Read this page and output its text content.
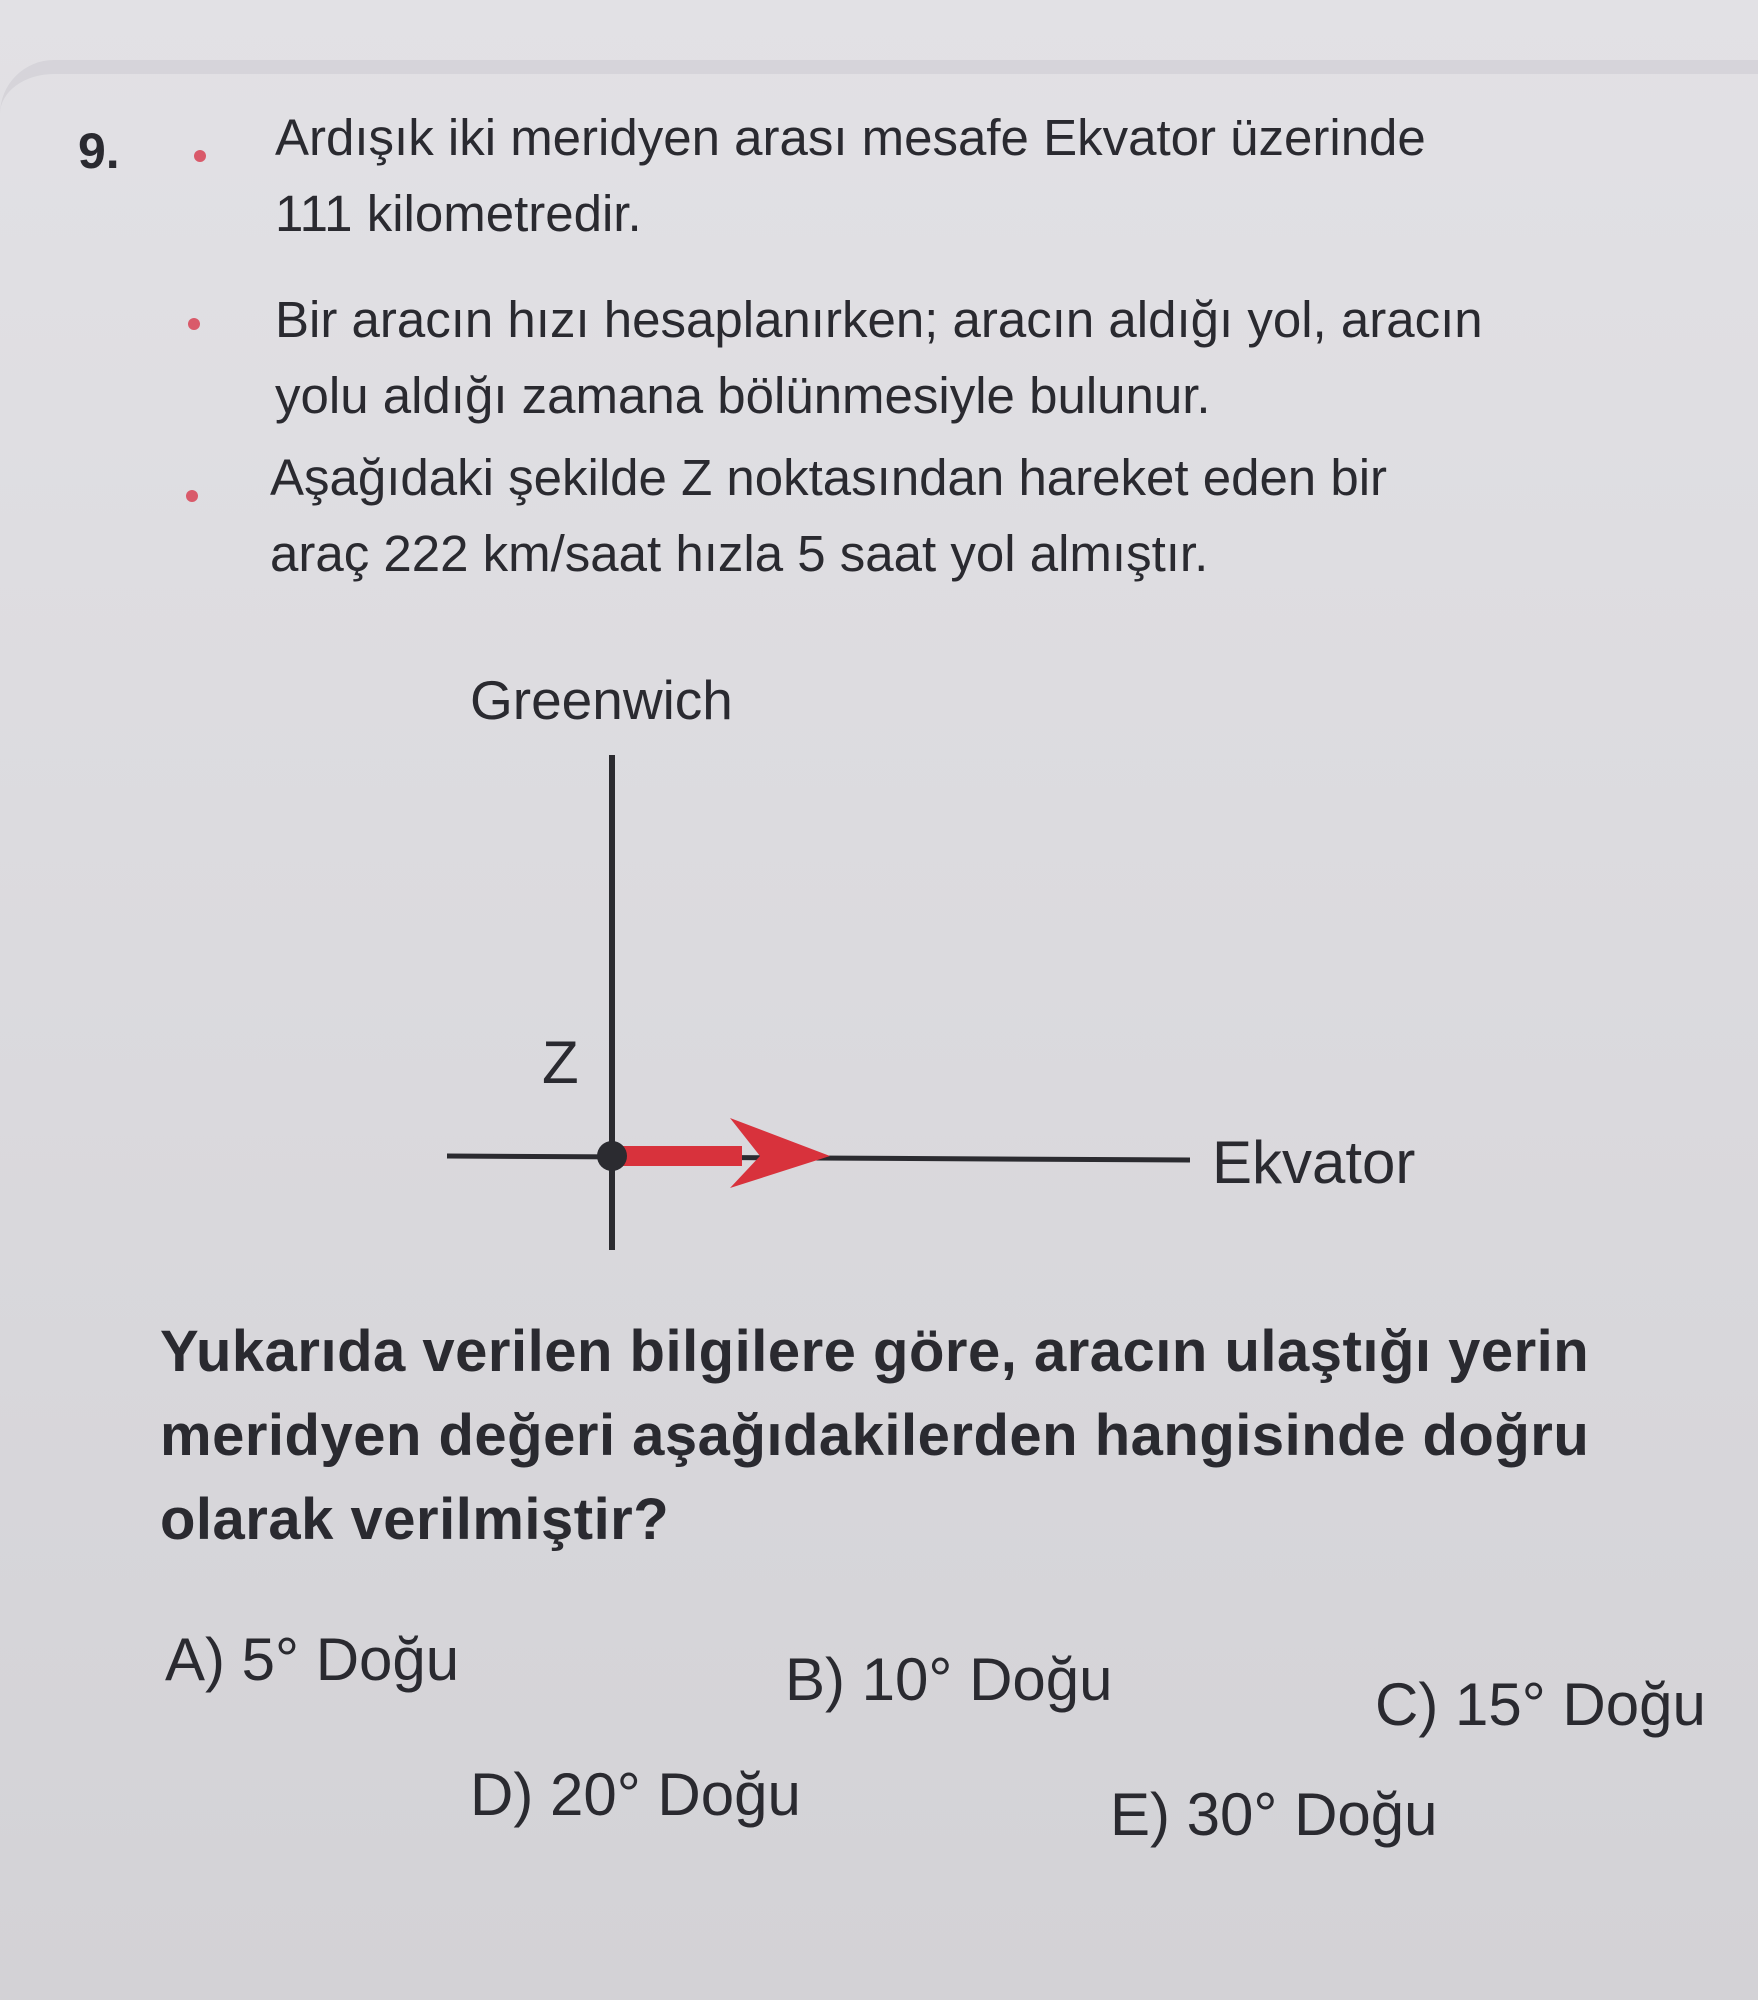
9.	Ardışık iki meridyen arası mesafe Ekvator üzerinde
111 kilometredir.

Bir aracın hızı hesaplanırken; aracın aldığı yol, aracın
yolu aldığı zamana bölünmesiyle bulunur.

Aşağıdaki şekilde Z noktasından hareket eden bir
araç 222 km/saat hızla 5 saat yol almıştır.

Greenwich
Z
Ekvator

Yukarıda verilen bilgilere göre, aracın ulaştığı yerin
meridyen değeri aşağıdakilerden hangisinde doğru
olarak verilmiştir?

A) 5° Doğu	B) 10° Doğu	C) 15° Doğu
D) 20° Doğu	E) 30° Doğu
